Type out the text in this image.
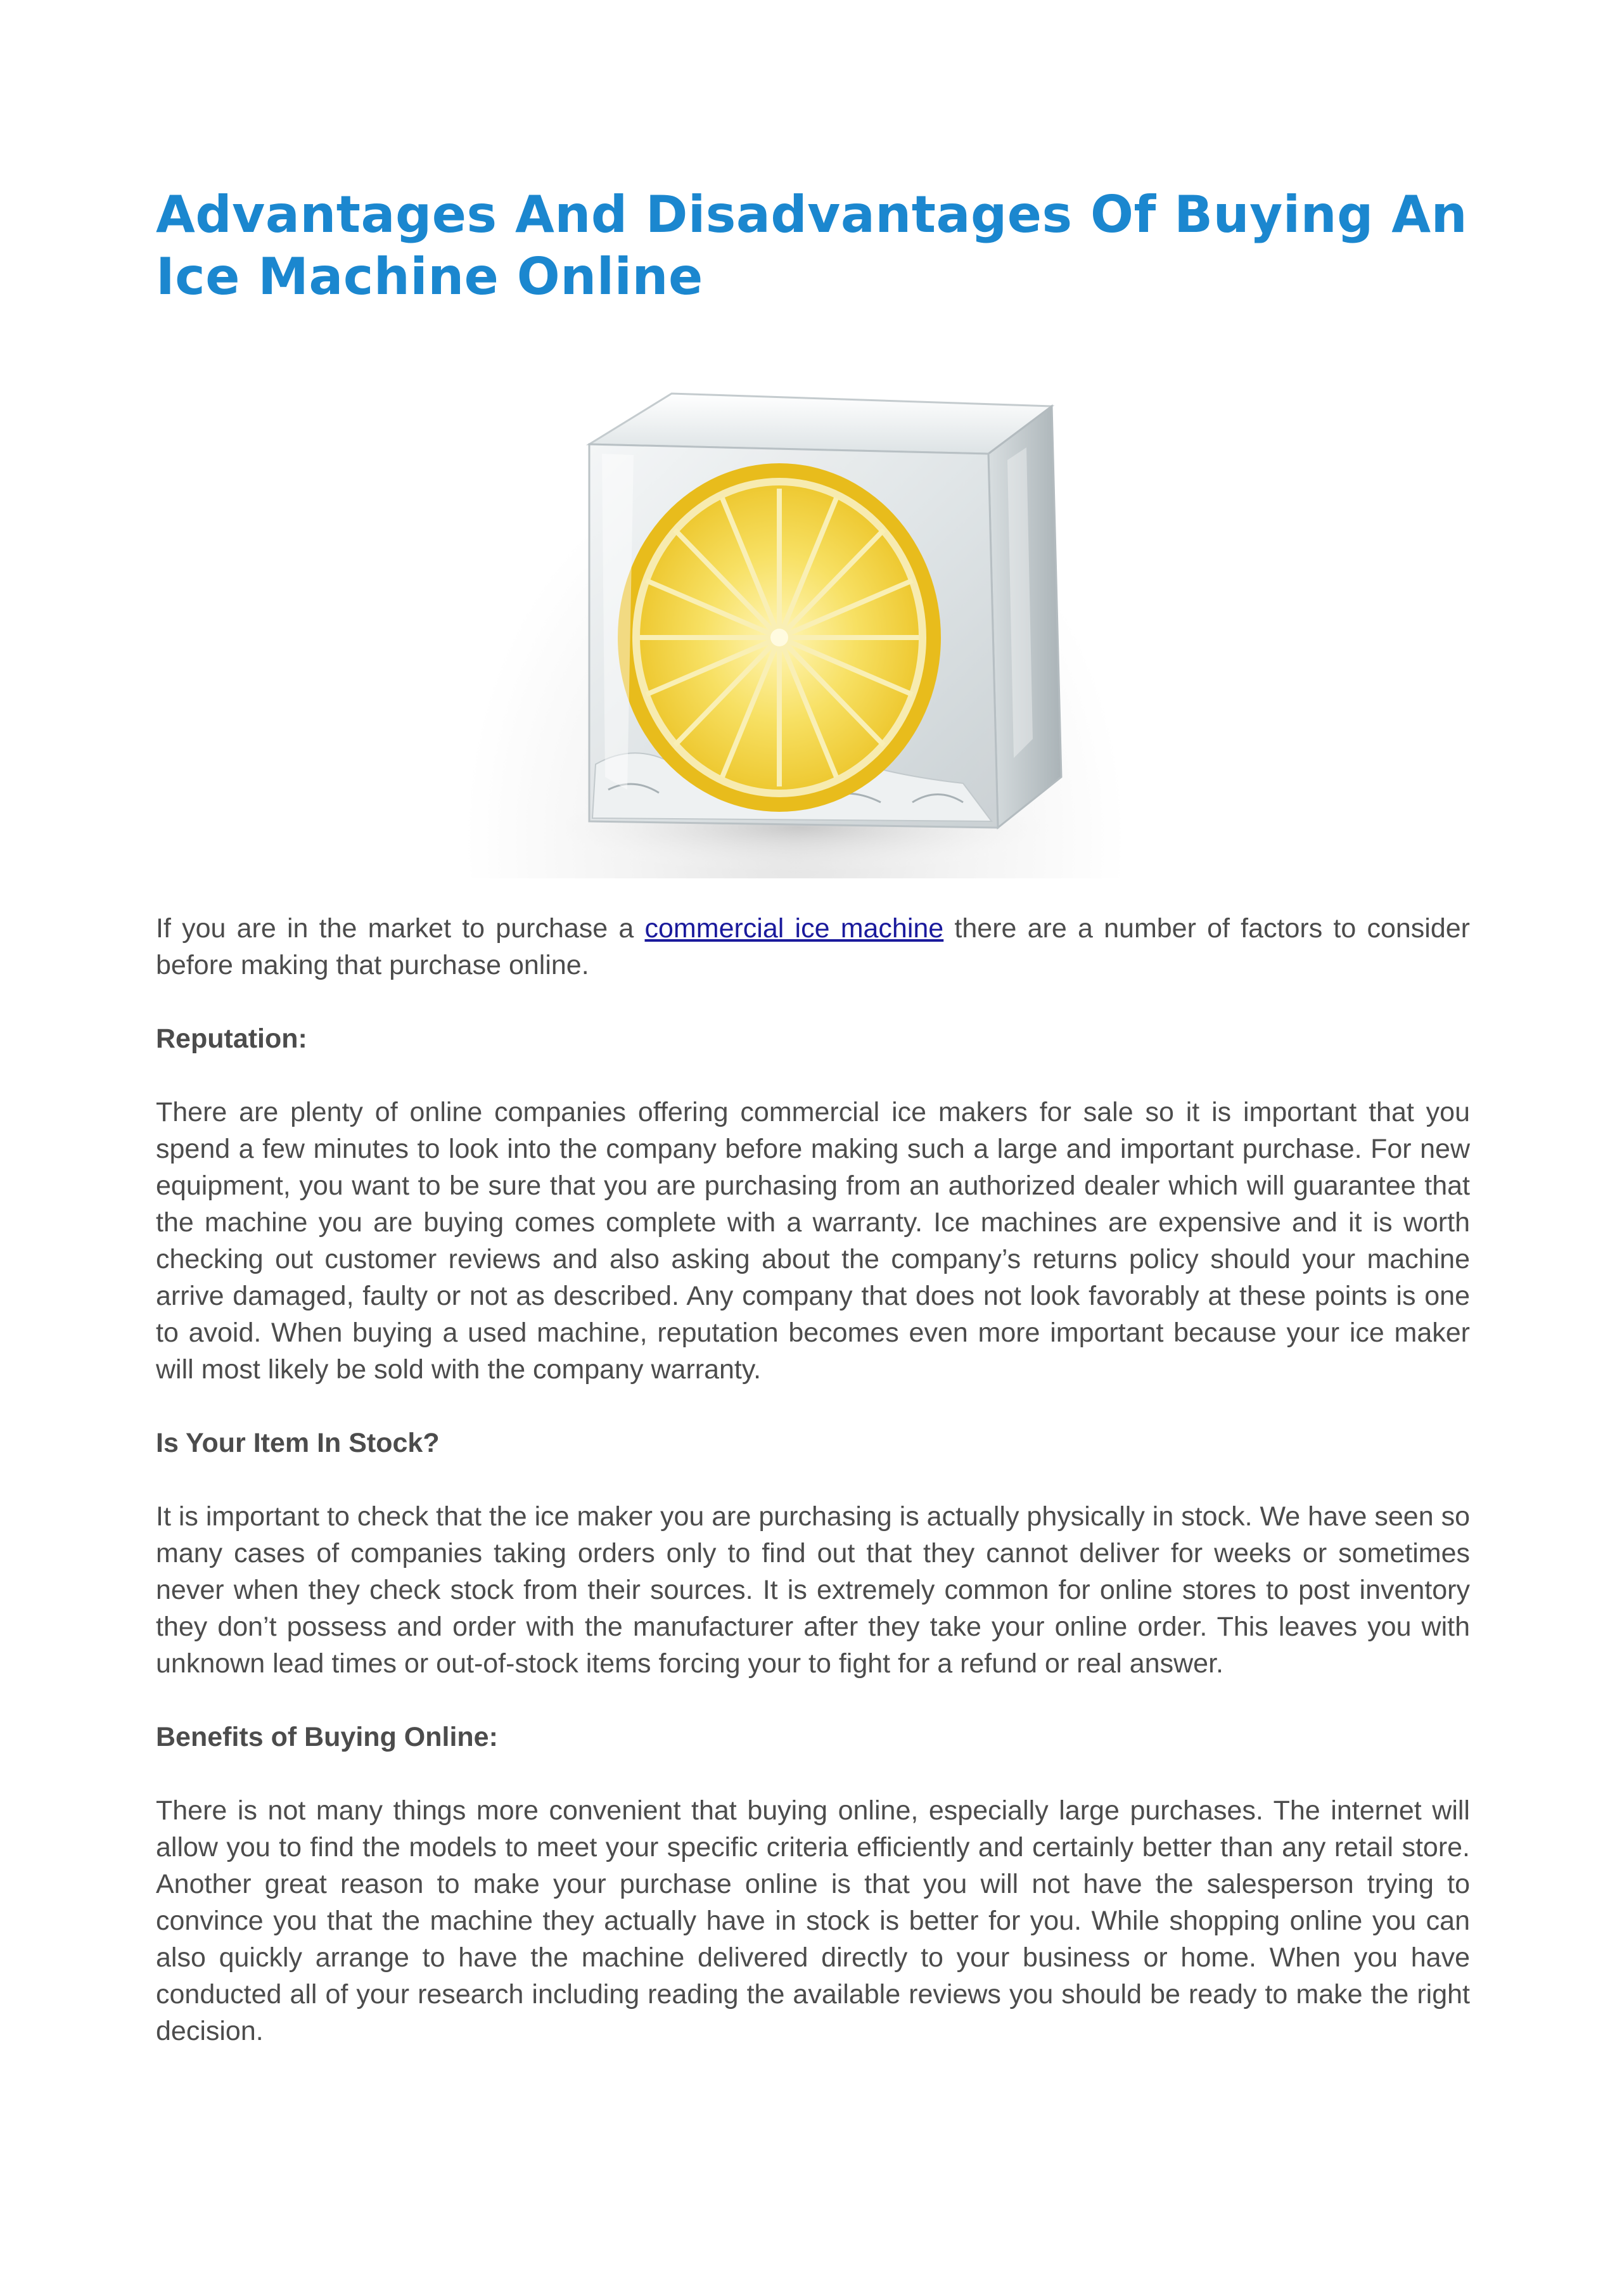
Advantages And Disadvantages Of Buying An Ice Machine Online

If you are in the market to purchase a commercial ice machine there are a number of factors to consider before making that purchase online.

Reputation:

There are plenty of online companies offering commercial ice makers for sale so it is important that you spend a few minutes to look into the company before making such a large and important purchase. For new equipment, you want to be sure that you are purchasing from an authorized dealer which will guarantee that the machine you are buying comes complete with a warranty. Ice machines are expensive and it is worth checking out customer reviews and also asking about the company’s returns policy should your machine arrive damaged, faulty or not as described. Any company that does not look favorably at these points is one to avoid. When buying a used machine, reputation becomes even more important because your ice maker will most likely be sold with the company warranty.

Is Your Item In Stock?

It is important to check that the ice maker you are purchasing is actually physically in stock. We have seen so many cases of companies taking orders only to find out that they cannot deliver for weeks or sometimes never when they check stock from their sources. It is extremely common for online stores to post inventory they don’t possess and order with the manufacturer after they take your online order. This leaves you with unknown lead times or out-of-stock items forcing your to fight for a refund or real answer.

Benefits of Buying Online:

There is not many things more convenient that buying online, especially large purchases. The internet will allow you to find the models to meet your specific criteria efficiently and certainly better than any retail store. Another great reason to make your purchase online is that you will not have the salesperson trying to convince you that the machine they actually have in stock is better for you. While shopping online you can also quickly arrange to have the machine delivered directly to your business or home. When you have conducted all of your research including reading the available reviews you should be ready to make the right decision.
